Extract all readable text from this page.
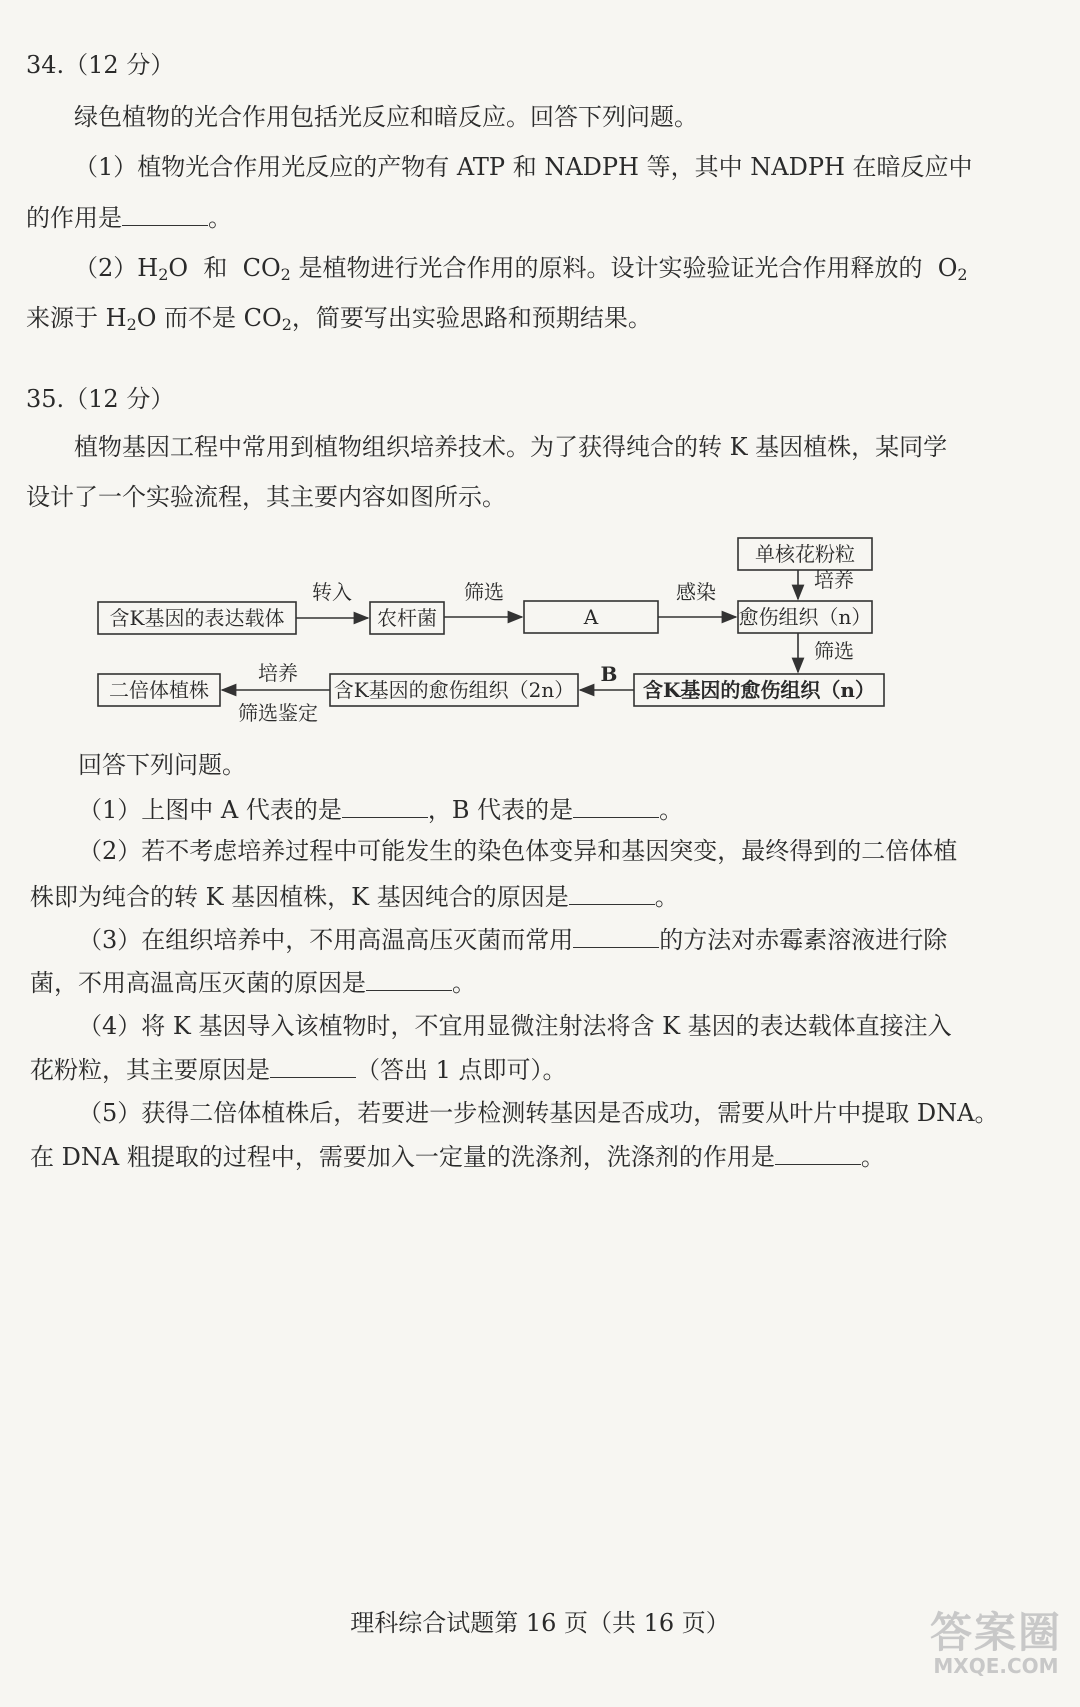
34.（12 分）
绿色植物的光合作用包括光反应和暗反应。回答下列问题。
（1）植物光合作用光反应的产物有 ATP 和 NADPH 等，其中 NADPH 在暗反应中
的作用是	。
$(2)H_2O$  和  $CO_2$ 是植物进行光合作用的原料。设计实验验证光合作用释放的  $O_2$
来源于 $H_2O$ 而不是 $CO_2$，简要写出实验思路和预期结果。
35.（12 分）
植物基因工程中常用到植物组织培养技术。为了获得纯合的转 K 基因植株，某同学
设计了一个实验流程，其主要内容如图所示。
含K基因的表达载体	农杆菌	A
单核花粉粒
愈伤组织（n）
含K基因的愈伤组织（n）
含K基因的愈伤组织（2n）
二倍体植株
转入	筛选	感染	培养
筛选
B
培养
筛选鉴定
回答下列问题。
（1）上图中 A 代表的是	，B 代表的是	。
（2）若不考虑培养过程中可能发生的染色体变异和基因突变，最终得到的二倍体植
株即为纯合的转 K 基因植株，K 基因纯合的原因是	。
（3）在组织培养中，不用高温高压灭菌而常用	的方法对赤霉素溶液进行除
菌，不用高温高压灭菌的原因是	。
（4）将 K 基因导入该植物时，不宜用显微注射法将含 K 基因的表达载体直接注入
花粉粒，其主要原因是	（答出 1 点即可）。
（5）获得二倍体植株后，若要进一步检测转基因是否成功，需要从叶片中提取 DNA。
在 DNA 粗提取的过程中，需要加入一定量的洗涤剂，洗涤剂的作用是	。
理科综合试题第 16 页（共 16 页）	答案圈
MXQE.COM
